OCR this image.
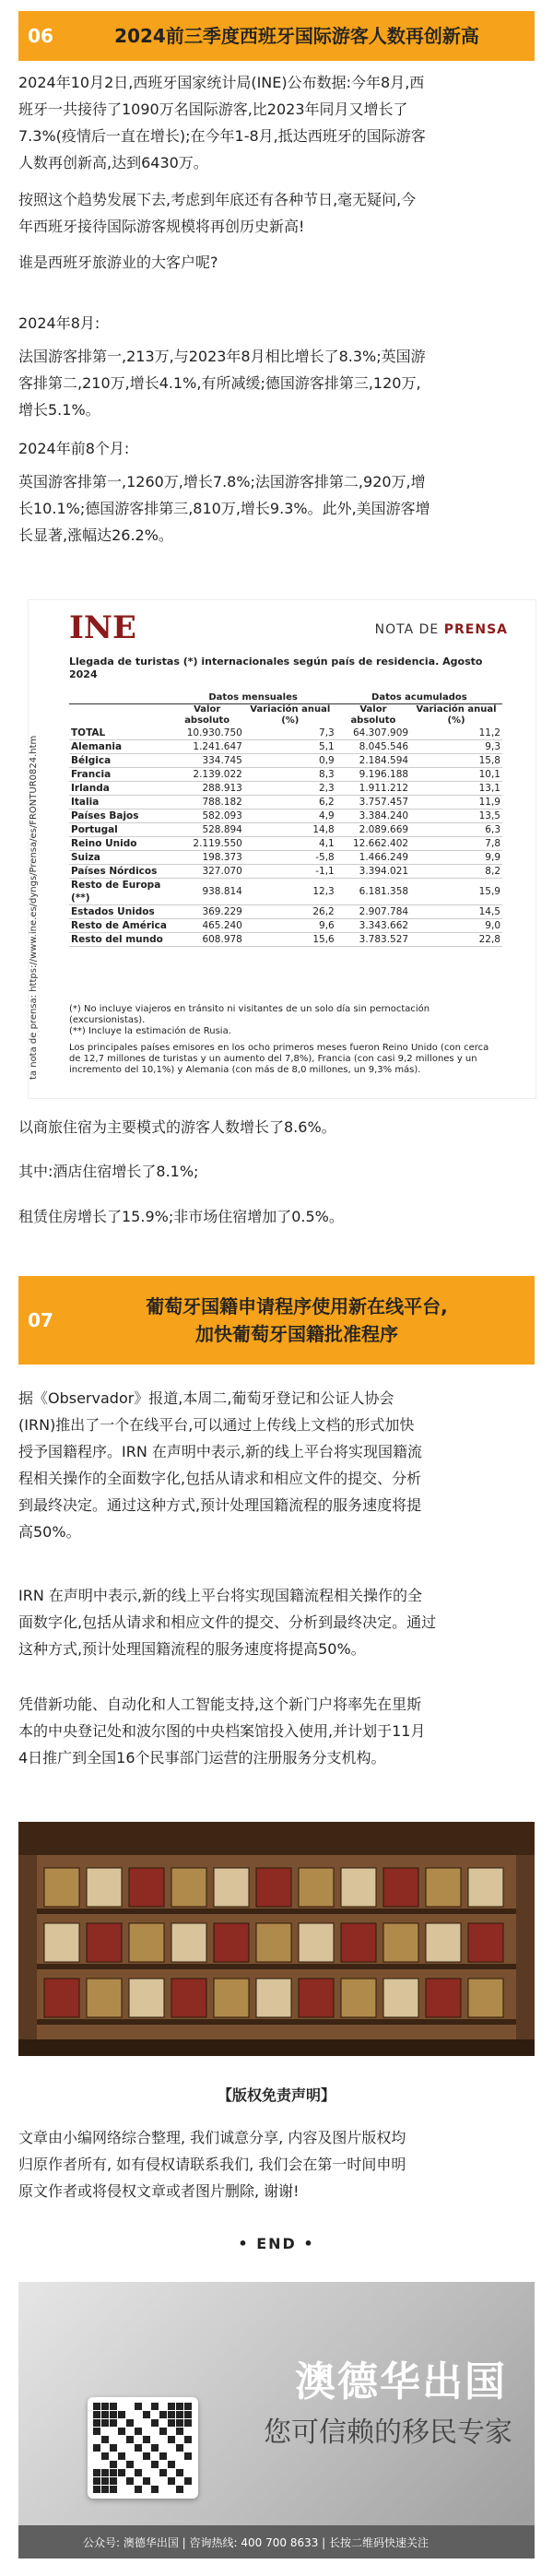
06	2024前三季度西班牙国际游客人数再创新高
2024年10月2日,西班牙国家统计局(INE)公布数据:今年8月,西
班牙一共接待了1090万名国际游客,比2023年同月又增长了
7.3%(疫情后一直在增长);在今年1-8月,抵达西班牙的国际游客
人数再创新高,达到6430万。
按照这个趋势发展下去,考虑到年底还有各种节日,毫无疑问,今
年西班牙接待国际游客规模将再创历史新高!
谁是西班牙旅游业的大客户呢?
2024年8月:
法国游客排第一,213万,与2023年8月相比增长了8.3%;英国游
客排第二,210万,增长4.1%,有所减缓;德国游客排第三,120万,
增长5.1%。
2024年前8个月:
英国游客排第一,1260万,增长7.8%;法国游客排第二,920万,增
长10.1%;德国游客排第三,810万,增长9.3%。此外,美国游客增
长显著,涨幅达26.2%。
ta nota de prensa: https://www.ine.es/dyngs/Prensa/es/FRONTUR0824.htm
INE	NOTA DE PRENSA
Llegada de turistas (*) internacionales según país de residencia. Agosto 2024
	Datos mensuales		Datos acumulados	
	Valor absoluto	Variación anual (%)	Valor absoluto	Variación anual (%)
TOTAL	10.930.750	7,3	64.307.909	11,2
Alemania	1.241.647	5,1	8.045.546	9,3
Bélgica	334.745	0,9	2.184.594	15,8
Francia	2.139.022	8,3	9.196.188	10,1
Irlanda	288.913	2,3	1.911.212	13,1
Italia	788.182	6,2	3.757.457	11,9
Países Bajos	582.093	4,9	3.384.240	13,5
Portugal	528.894	14,8	2.089.669	6,3
Reino Unido	2.119.550	4,1	12.662.402	7,8
Suiza	198.373	-5,8	1.466.249	9,9
Países Nórdicos	327.070	-1,1	3.394.021	8,2
Resto de Europa (**)	938.814	12,3	6.181.358	15,9
Estados Unidos	369.229	26,2	2.907.784	14,5
Resto de América	465.240	9,6	3.343.662	9,0
Resto del mundo	608.978	15,6	3.783.527	22,8
(*) No incluye viajeros en tránsito ni visitantes de un solo día sin pernoctación (excursionistas).
(**) Incluye la estimación de Rusia.
Los principales países emisores en los ocho primeros meses fueron Reino Unido (con cerca de 12,7 millones de turistas y un aumento del 7,8%), Francia (con casi 9,2 millones y un incremento del 10,1%) y Alemania (con más de 8,0 millones, un 9,3% más).
以商旅住宿为主要模式的游客人数增长了8.6%。
其中:酒店住宿增长了8.1%;
租赁住房增长了15.9%;非市场住宿增加了0.5%。
07
葡萄牙国籍申请程序使用新在线平台,
加快葡萄牙国籍批准程序
据《Observador》报道,本周二,葡萄牙登记和公证人协会
(IRN)推出了一个在线平台,可以通过上传线上文档的形式加快
授予国籍程序。IRN 在声明中表示,新的线上平台将实现国籍流
程相关操作的全面数字化,包括从请求和相应文件的提交、分析
到最终决定。通过这种方式,预计处理国籍流程的服务速度将提
高50%。
IRN 在声明中表示,新的线上平台将实现国籍流程相关操作的全
面数字化,包括从请求和相应文件的提交、分析到最终决定。通过
这种方式,预计处理国籍流程的服务速度将提高50%。
凭借新功能、自动化和人工智能支持,这个新门户将率先在里斯
本的中央登记处和波尔图的中央档案馆投入使用,并计划于11月
4日推广到全国16个民事部门运营的注册服务分支机构。
【版权免责声明】
文章由小编网络综合整理, 我们诚意分享, 内容及图片版权均
归原作者所有, 如有侵权请联系我们, 我们会在第一时间申明
原文作者或将侵权文章或者图片删除, 谢谢!
• END •
澳德华出国
您可信赖的移民专家
公众号: 澳德华出国 | 咨询热线: 400 700 8633 | 长按二维码快速关注
